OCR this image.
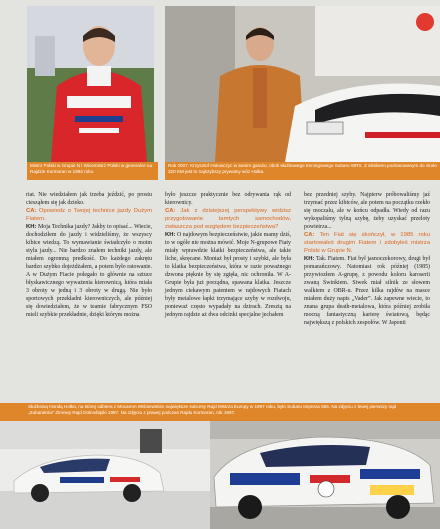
Mistrz Polski w Grupie N i Wicemistrz Polski w generalce na Rajdzie Kormoran w 1994 roku.
Rok 2007. Krzysztof Hołowczyc w swoim garażu, obok służbowego treningowego Subaru WRX. Z silnikiem podrasowanym do około 320 KM jest to najszybszy prywatny wóz Hołka.

riat. Nie wiedziałem jak trzeba jeździć, po prostu ciesząłem się jak dzieko.

CA: Opowiedz o Twojej technice jazdy Dużym Fiatem.

KH: Moja Technika jazdy? Jakby to opisać... Wiecie, dochodziłem do jazdy i widzieliśmy, że wszyscy kibice wiedzą. To wymawianie świadczyło o moim stylu jazdy... Nie bardzo znałem techniki jazdy, ale miałem ogromną predkość. Do każdego zakrętu bardzo szybko dojeżdżałem, a potem było ratowanie. A w Dużym Fiacie polegało to głównie na sztuce błyskawicznego wyważenia kierownicą, która miała 3 obroty w jedną i 3 obroty w drugą. Nie było sportowych przekładni kierowniczych, ale później się dowiedziałem, że w teamie fabrycznym FSO mieli szybkie przekładnie, dzięki którym można

było jeszcze praktycznie bez odrywania rąk od kierownicy.

CA: Jak z dzisiejszej perspektywy widzisz przygotowanie tamtych samochodów, zwłaszcza pod względem bezpieczeństwa?

KH: O najdowym bezpieczeństwie, jakie mamy dziś, to w ogóle nie można mówić. Moje N-grupowe Fiaty miały wprawdzie klatki bezpieczeństwa, ale takie liche, skręcane. Montaż był prosty i szybki, ale była to klatka bezpieczeństwa, która w razie poważnego dzwona pięknie by się zgięła, nic ochroniła. W A-Grupie była już porządna, spawana klatka. Jeszcze jednym ciekawym patentem w rajdowych Fiatach były metalowe łapki trzymające szyby w rozdwoju, ponieważ często wypadały na dzirach. Zresztą na jednym rajdzie aż dwa odcinki specjalne jechałem

bez przedniej szyby. Najpierw próbowaliśmy jaź trzymać przez kibiców, ale potem na początku rzekło się moczalu, ale w końcu odpadła. Wtedy od razu wykopaliśmy tylną szybę, żeby uzyskać przeloty powietrza...

CA: Ten Fiat się skończył, w 1985 roku startowałeś drugim Fiatem i zdobyłeś mistrza Polski w Grupie N.

KH: Tak. Fiatem. Fiat był jasnoczekorowy, drugi był pomarańczowy. Natomiast rok później (1985) przywiozłem A-grupę, z powodu koloru karoserii zwaną Świnkiem. Siwek miał silnik ze słowem walkiem z OBR-u. Przez kilka rajdów na masce miałem duży napis „Vader”. Jak zapewne wiecie, to znana grupa death-metalowa, która później zrobiła mocną fantastyczną karierę światową, będąc największą z polskich zespołów. W Japonii

Służbową Hondą Hołka, na której odbiera z Mocarem Wiśniewskim największe sukcesy Rajd Mistrza Europy w 1997 roku, było Subaru Impreza 555. Na zdjęciu z lewej pierwszy rajd „Subaraków” Zimowy Rajd Dolnośląski 1997. Na zdjęciu z prawej podczas Rajdu Kormoran, rok 1997.
